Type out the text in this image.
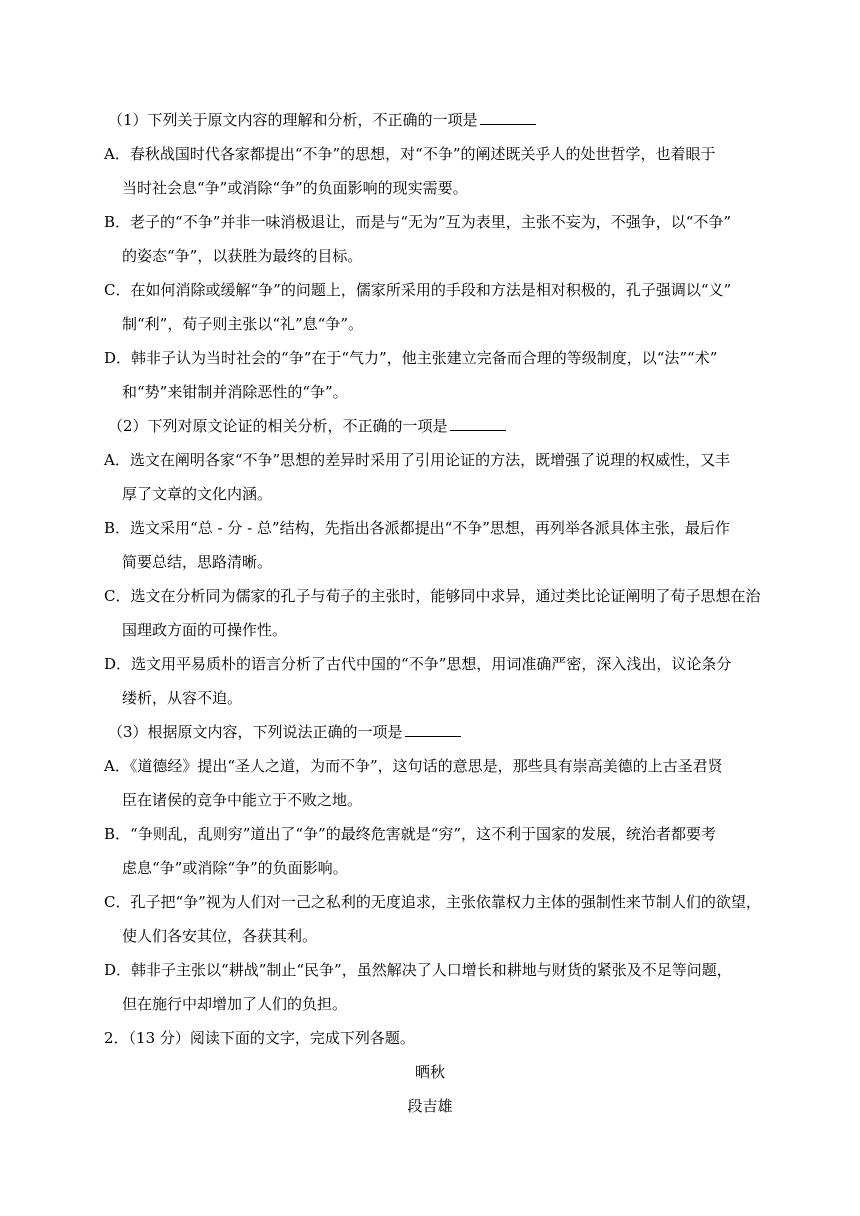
（1）下列关于原文内容的理解和分析，不正确的一项是
A．春秋战国时代各家都提出“不争”的思想，对“不争”的阐述既关乎人的处世哲学，也着眼于
当时社会息“争”或消除“争”的负面影响的现实需要。
B．老子的“不争”并非一味消极退让，而是与“无为”互为表里，主张不妄为，不强争，以“不争”
的姿态“争”，以获胜为最终的目标。
C．在如何消除或缓解“争”的问题上，儒家所采用的手段和方法是相对积极的，孔子强调以“义”
制“利”，荀子则主张以“礼”息“争”。
D．韩非子认为当时社会的“争”在于“气力”，他主张建立完备而合理的等级制度，以“法”“术”
和“势”来钳制并消除恶性的“争”。
（2）下列对原文论证的相关分析，不正确的一项是
A．选文在阐明各家“不争”思想的差异时采用了引用论证的方法，既增强了说理的权威性，又丰
厚了文章的文化内涵。
B．选文采用“总 - 分 - 总”结构，先指出各派都提出“不争”思想，再列举各派具体主张，最后作
简要总结，思路清晰。
C．选文在分析同为儒家的孔子与荀子的主张时，能够同中求异，通过类比论证阐明了荀子思想在治
国理政方面的可操作性。
D．选文用平易质朴的语言分析了古代中国的“不争”思想，用词准确严密，深入浅出，议论条分
缕析，从容不迫。
（3）根据原文内容，下列说法正确的一项是
A．《道德经》提出“圣人之道，为而不争”，这句话的意思是，那些具有崇高美德的上古圣君贤
臣在诸侯的竞争中能立于不败之地。
B．“争则乱，乱则穷”道出了“争”的最终危害就是“穷”，这不利于国家的发展，统治者都要考
虑息“争”或消除“争”的负面影响。
C．孔子把“争”视为人们对一己之私利的无度追求，主张依靠权力主体的强制性来节制人们的欲望，
使人们各安其位，各获其利。
D．韩非子主张以“耕战”制止“民争”，虽然解决了人口增长和耕地与财货的紧张及不足等问题，
但在施行中却增加了人们的负担。
2．（13 分）阅读下面的文字，完成下列各题。
晒秋
段吉雄
